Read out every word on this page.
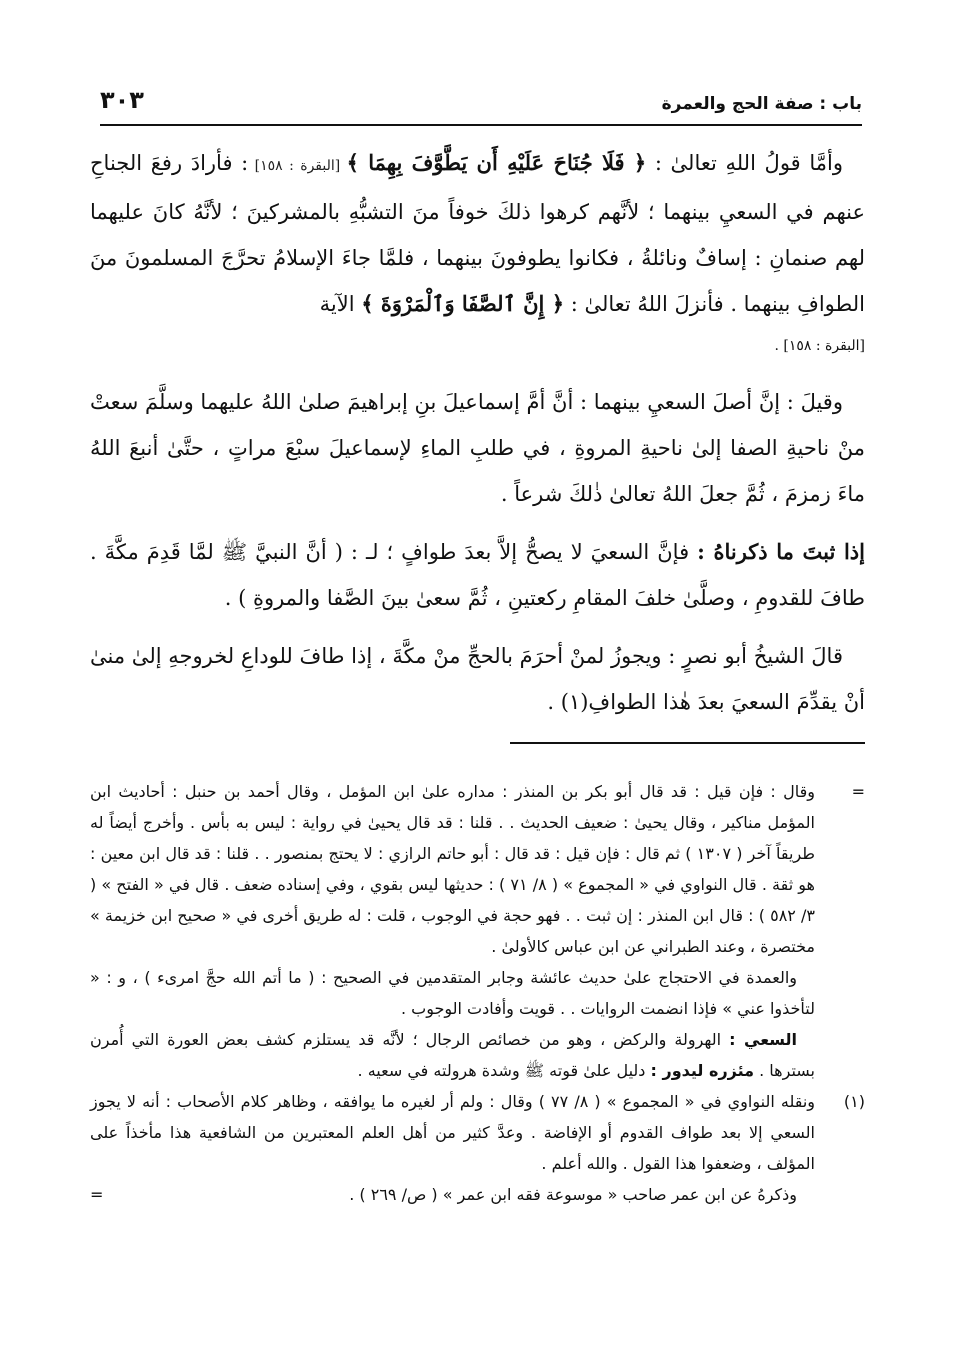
باب : صفة الحج والعمرة
٣٠٣

وأمَّا قولُ اللهِ تعالىٰ : ﴿ فَلَا جُنَاحَ عَلَيْهِ أَن يَطَّوَّفَ بِهِمَا ﴾ [البقرة : ١٥٨] : فأرادَ رفعَ الجناحِ عنهم في السعيِ بينهما ؛ لأنَّهم كرهوا ذلكَ خوفاً منَ التشبُّهِ بالمشركينَ ؛ لأنَّهُ كانَ عليهما لهم صنمانِ : إسافٌ ونائلةُ ، فكانوا يطوفونَ بينهما ، فلمَّا جاءَ الإسلامُ تحرَّجَ المسلمونَ منَ الطوافِ بينهما . فأنزلَ اللهُ تعالىٰ : ﴿ إِنَّ ٱلصَّفَا وَٱلْمَرْوَةَ ﴾ الآية

[البقرة : ١٥٨] .

وقيلَ : إنَّ أصلَ السعيِ بينهما : أنَّ أمَّ إسماعيلَ بنِ إبراهيمَ صلىٰ اللهُ عليهما وسلَّمَ سعتْ منْ ناحيةِ الصفا إلىٰ ناحيةِ المروةِ ، في طلبِ الماءِ لإسماعيلَ سبْعَ مراتٍ ، حتَّىٰ أنبعَ اللهُ ماءَ زمزمَ ، ثُمَّ جعلَ اللهُ تعالىٰ ذٰلكَ شرعاً .

إذا ثبتَ ما ذكرناهُ : فإنَّ السعيَ لا يصحُّ إلاَّ بعدَ طوافٍ ؛ لـ : ( أنَّ النبيَّ ﷺ لمَّا قَدِمَ مكَّةَ . طافَ للقدومِ ، وصلَّىٰ خلفَ المقامِ ركعتينِ ، ثُمَّ سعىٰ بينَ الصَّفا والمروةِ ) .

قالَ الشيخُ أبو نصرٍ : ويجوزُ لمنْ أحرَمَ بالحجِّ منْ مكَّةَ ، إذا طافَ للوداعِ لخروجهِ إلىٰ منىٰ أنْ يقدِّمَ السعيَ بعدَ هٰذا الطوافِ(١) .

=
وقال : فإن قيل : قد قال أبو بكر بن المنذر : مداره علىٰ ابن المؤمل ، وقال أحمد بن حنبل : أحاديث ابن المؤمل مناكير ، وقال يحيىٰ : ضعيف الحديث . . قلنا : قد قال يحيىٰ في رواية : ليس به بأس . وأخرج أيضاً له طريقاً آخر ( ١٣٠٧ ) ثم قال : فإن قيل : قد قال : أبو حاتم الرازي : لا يحتج بمنصور . . قلنا : قد قال ابن معين : هو ثقة . قال النواوي في « المجموع » ( ٨/ ٧١ ) : حديثها ليس بقوي ، وفي إسناده ضعف . قال في « الفتح » ( ٣/ ٥٨٢ ) : قال ابن المنذر : إن ثبت . . فهو حجة في الوجوب ، قلت : له طريق أخرى في « صحيح ابن خزيمة » مختصرة ، وعند الطبراني عن ابن عباس كالأولىٰ .
والعمدة في الاحتجاج علىٰ حديث عائشة وجابر المتقدمين في الصحيح : ( ما أتم الله حجَّ امرىء ) ، و : « لتأخذوا عني » فإذا انضمت الروايات . . قويت وأفادت الوجوب .
السعي : الهرولة والركض ، وهو من خصائص الرجال ؛ لأنَّه قد يستلزم كشف بعض العورة التي أُمرن بسترها . مئزره ليدور : دليل علىٰ قوته ﷺ وشدة هرولته في سعيه .
(١)
ونقله النواوي في « المجموع » ( ٨/ ٧٧ ) وقال : ولم أر لغيره ما يوافقه ، وظاهر كلام الأصحاب : أنه لا يجوز السعي إلا بعد طواف القدوم أو الإفاضة . وعدَّ كثير من أهل العلم المعتبرين من الشافعية هذا مأخذاً على المؤلف ، وضعفوا هذا القول . والله أعلم .
وذكرهُ عن ابن عمر صاحب « موسوعة فقه ابن عمر » ( ص/ ٢٦٩ ) .
=
